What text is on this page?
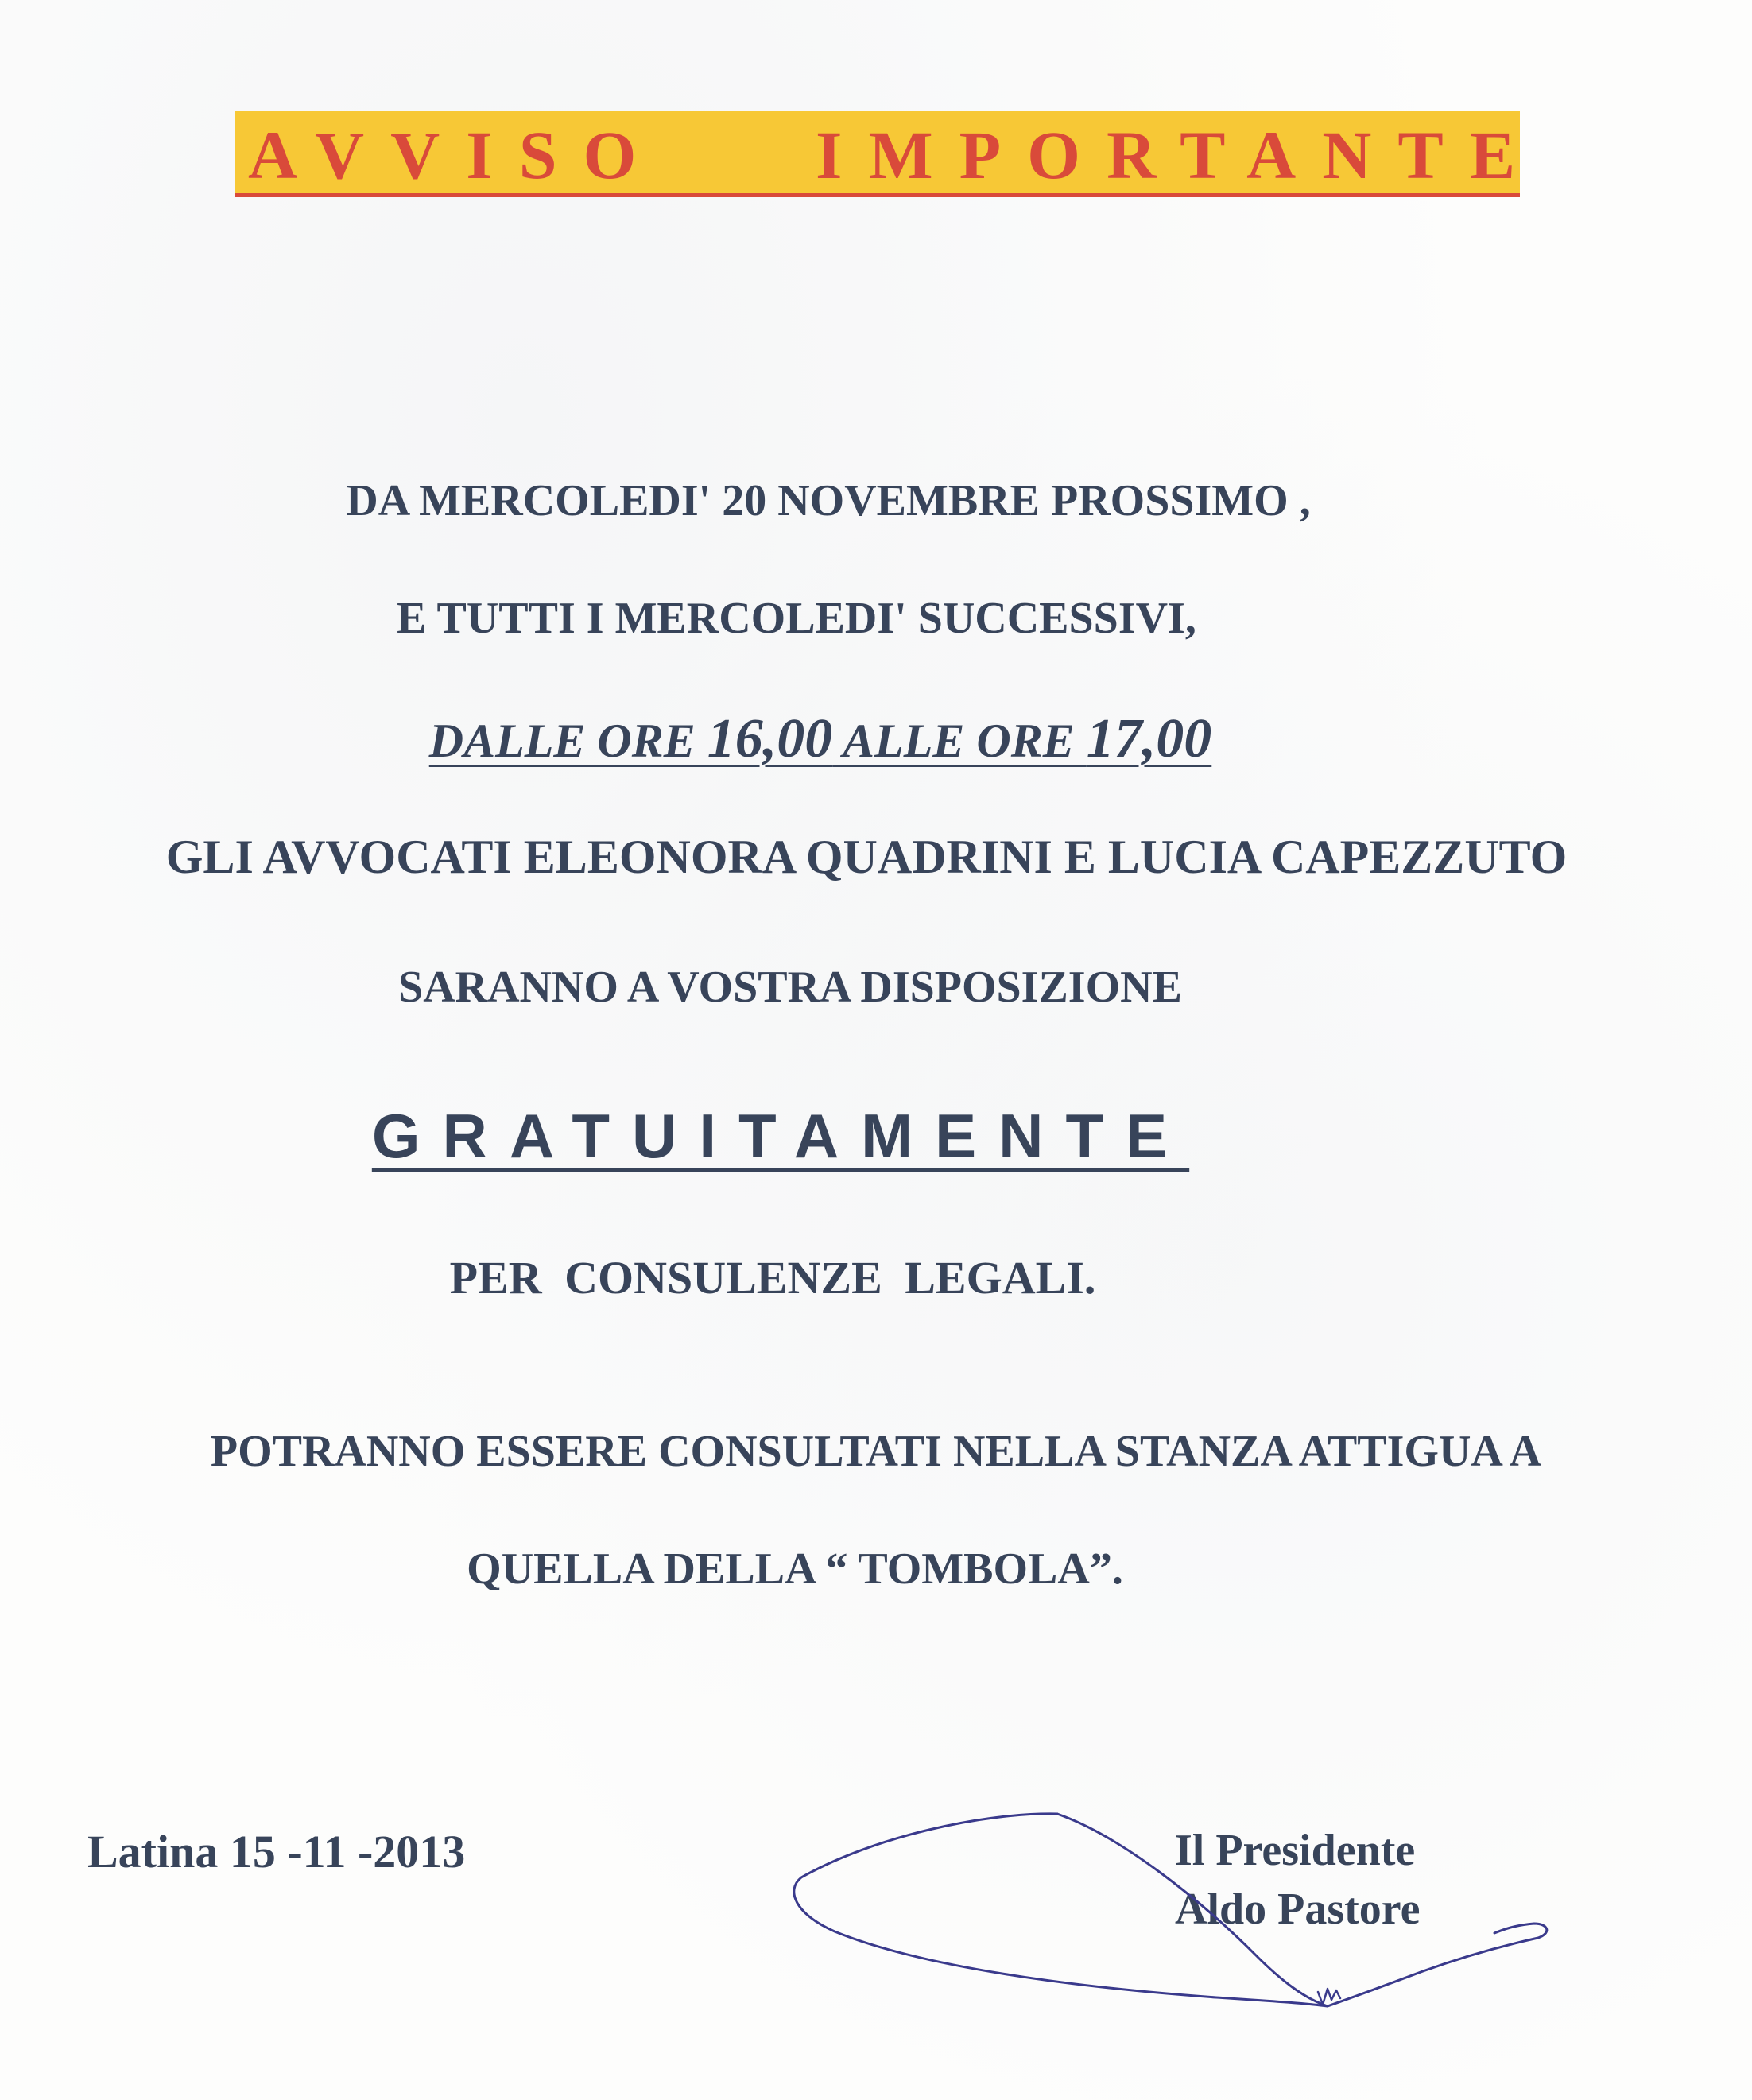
AVVISO IMPORTANTE
DA MERCOLEDI' 20 NOVEMBRE PROSSIMO ,
E TUTTI I MERCOLEDI' SUCCESSIVI,
DALLE ORE 16,00 ALLE ORE 17,00
GLI AVVOCATI ELEONORA QUADRINI E LUCIA CAPEZZUTO
SARANNO A VOSTRA DISPOSIZIONE
GRATUITAMENTE
PER CONSULENZE LEGALI.
POTRANNO ESSERE CONSULTATI NELLA STANZA ATTIGUA A
QUELLA DELLA “ TOMBOLA”.
Latina 15 -11 -2013	Il Presidente
Aldo Pastore
